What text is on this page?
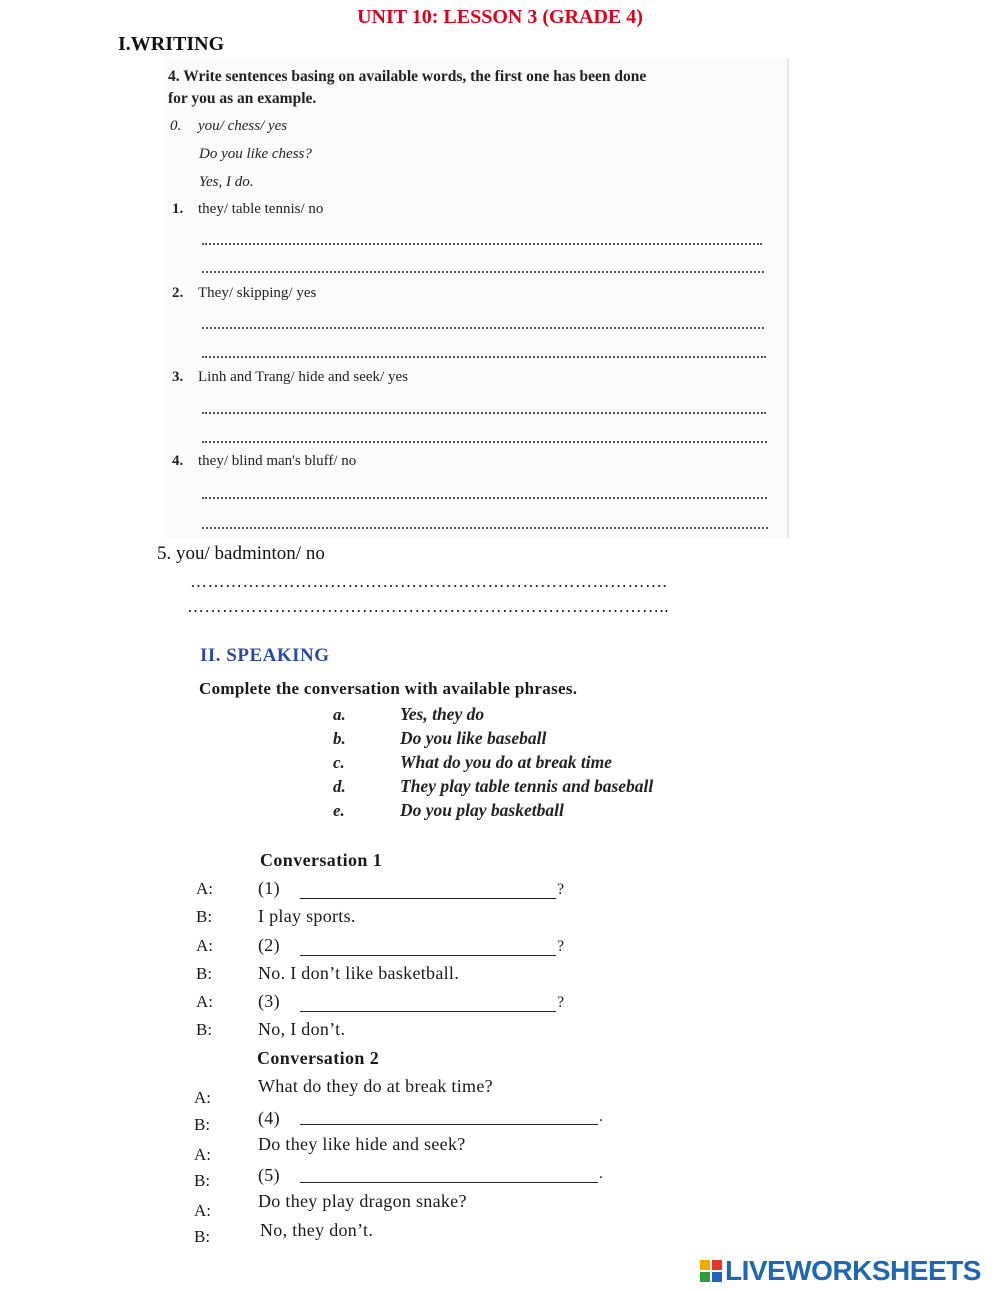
UNIT 10: LESSON 3 (GRADE 4)
I.WRITING
4. Write sentences basing on available words, the first one has been done
for you as an example.
0. you/ chess/ yes
Do you like chess?
Yes, I do.
1. they/ table tennis/ no
2. They/ skipping/ yes
3. Linh and Trang/ hide and seek/ yes
4. they/ blind man's bluff/ no
5. you/ badminton/ no
……………………………………………………………………….
………………………………………………………………………..
II. SPEAKING
Complete the conversation with available phrases.
a.	Yes, they do
b.	Do you like baseball
c.	What do you do at break time
d.	They play table tennis and baseball
e.	Do you play basketball
Conversation 1
A:	(1)	?
B:	I play sports.
A:	(2)	?
B:	No. I don’t like basketball.
A:	(3)	?
B:	No, I don’t.
Conversation 2
A:
What do they do at break time?
B:	(4)	.
A:
Do they like hide and seek?
B:	(5)	.
A:	Do they play dragon snake?
B:	No, they don’t.
LIVEWORKSHEETS
